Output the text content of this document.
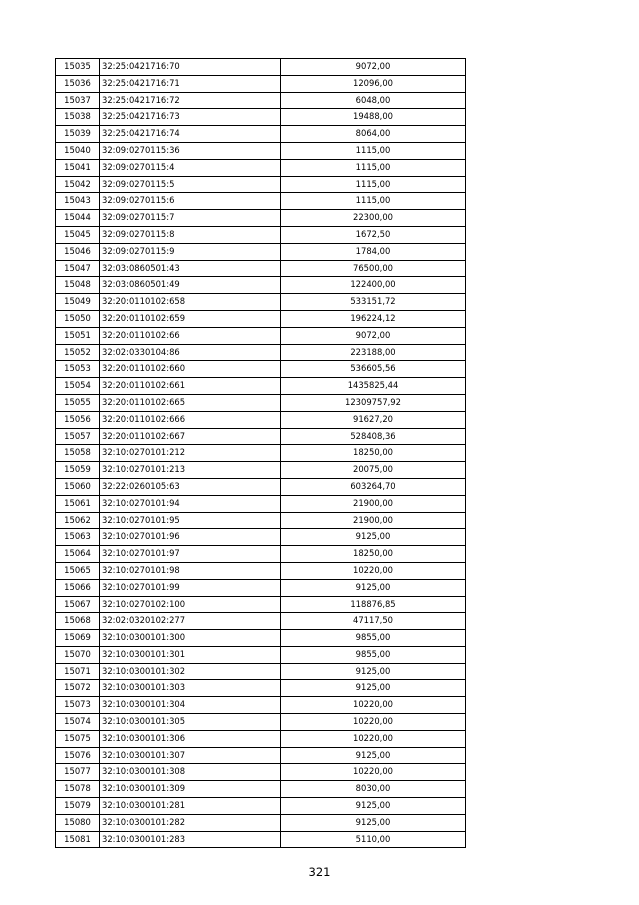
15035	32:25:0421716:70	9072,00
15036	32:25:0421716:71	12096,00
15037	32:25:0421716:72	6048,00
15038	32:25:0421716:73	19488,00
15039	32:25:0421716:74	8064,00
15040	32:09:0270115:36	1115,00
15041	32:09:0270115:4	1115,00
15042	32:09:0270115:5	1115,00
15043	32:09:0270115:6	1115,00
15044	32:09:0270115:7	22300,00
15045	32:09:0270115:8	1672,50
15046	32:09:0270115:9	1784,00
15047	32:03:0860501:43	76500,00
15048	32:03:0860501:49	122400,00
15049	32:20:0110102:658	533151,72
15050	32:20:0110102:659	196224,12
15051	32:20:0110102:66	9072,00
15052	32:02:0330104:86	223188,00
15053	32:20:0110102:660	536605,56
15054	32:20:0110102:661	1435825,44
15055	32:20:0110102:665	12309757,92
15056	32:20:0110102:666	91627,20
15057	32:20:0110102:667	528408,36
15058	32:10:0270101:212	18250,00
15059	32:10:0270101:213	20075,00
15060	32:22:0260105:63	603264,70
15061	32:10:0270101:94	21900,00
15062	32:10:0270101:95	21900,00
15063	32:10:0270101:96	9125,00
15064	32:10:0270101:97	18250,00
15065	32:10:0270101:98	10220,00
15066	32:10:0270101:99	9125,00
15067	32:10:0270102:100	118876,85
15068	32:02:0320102:277	47117,50
15069	32:10:0300101:300	9855,00
15070	32:10:0300101:301	9855,00
15071	32:10:0300101:302	9125,00
15072	32:10:0300101:303	9125,00
15073	32:10:0300101:304	10220,00
15074	32:10:0300101:305	10220,00
15075	32:10:0300101:306	10220,00
15076	32:10:0300101:307	9125,00
15077	32:10:0300101:308	10220,00
15078	32:10:0300101:309	8030,00
15079	32:10:0300101:281	9125,00
15080	32:10:0300101:282	9125,00
15081	32:10:0300101:283	5110,00
321
